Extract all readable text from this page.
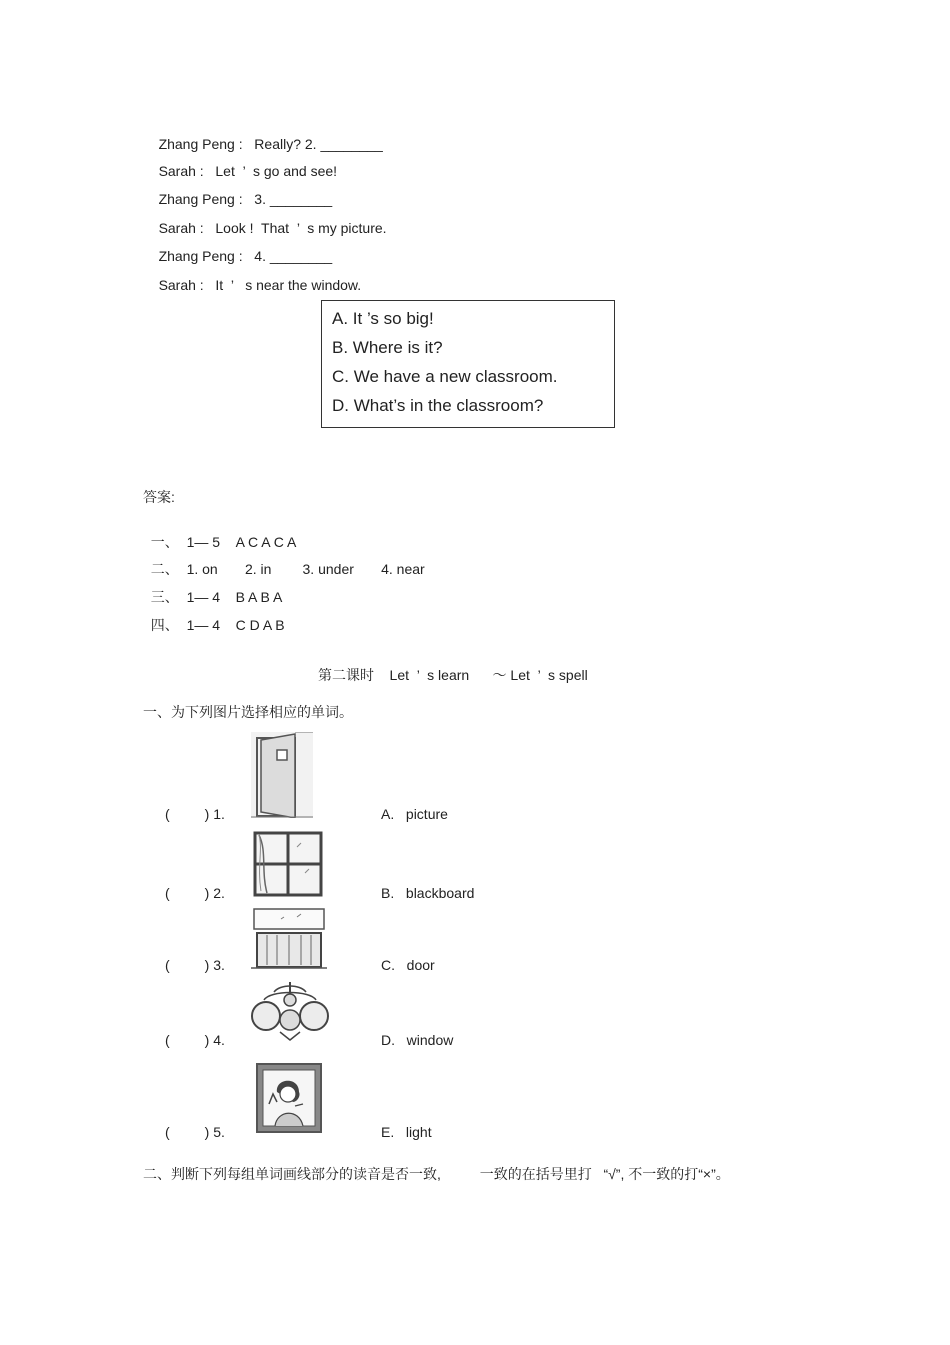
Zhang Peng : Really? 2. ________

Sarah : Let  ’  s go and see!

Zhang Peng : 3. ________

Sarah : Look !  That  ’  s my picture.

Zhang Peng : 4. ________

Sarah : It  ’   s near the window.

A. It ’s so big!
B. Where is it?
C. We have a new classroom.
D. What’s in the classroom?
答案:

一、 1— 5 A C A C A

二、 1. on 2. in        3. under       4. near

三、 1— 4 B A B A

四、 1— 4 C D A B

第二课时    Let  ’  s learn      ～ Let  ’  s spell
一、为下列图片选择相应的单词。
(         ) 1.	A. picture
(         ) 2.	B. blackboard
(         ) 3.	C. door
(         ) 4.	D. window
(         ) 5.	E. light
二、判断下列每组单词画线部分的读音是否一致,          一致的在括号里打   “√”, 不一致的打“×”。
